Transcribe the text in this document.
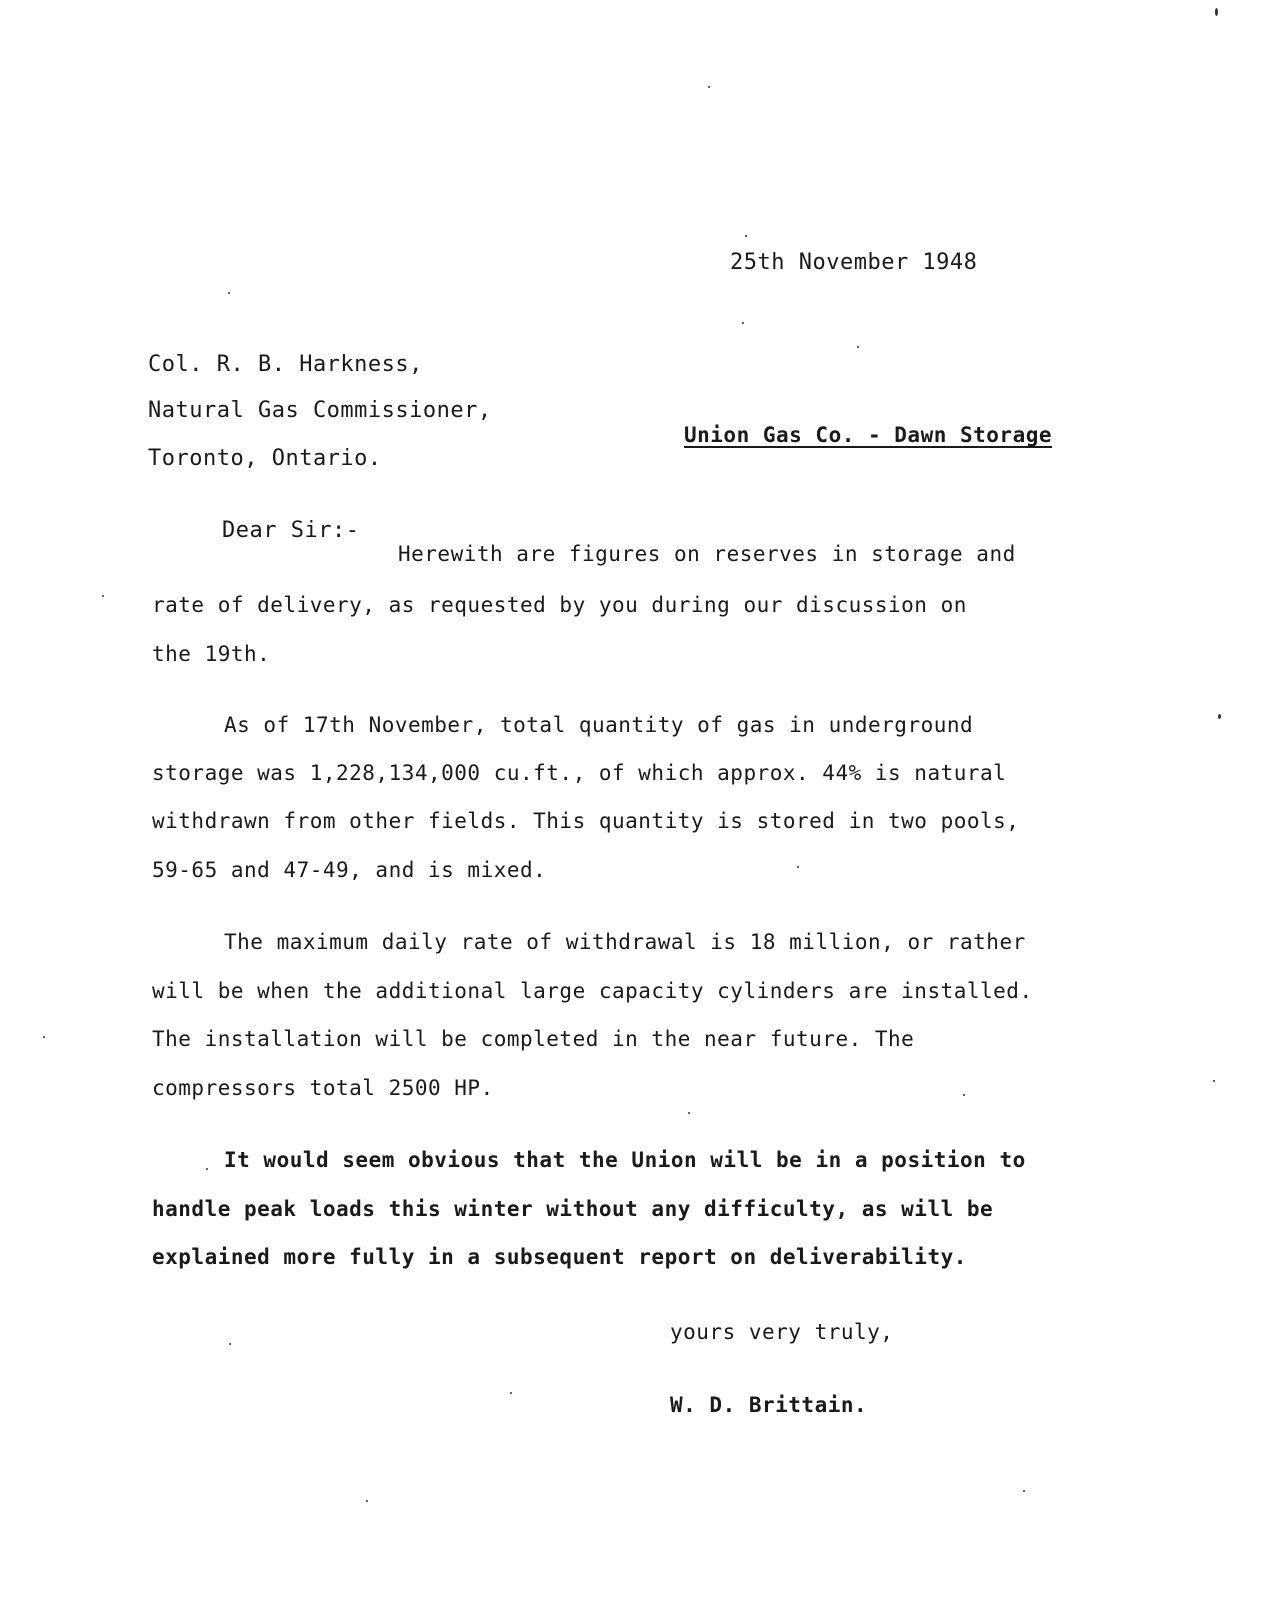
25th November 1948
Col. R. B. Harkness,
Natural Gas Commissioner,
Toronto, Ontario.
Union Gas Co. - Dawn Storage
Dear Sir:-
Herewith are figures on reserves in storage and
rate of delivery, as requested by you during our discussion on
the 19th.
As of 17th November, total quantity of gas in underground
storage was 1,228,134,000 cu.ft., of which approx. 44% is natural
withdrawn from other fields. This quantity is stored in two pools,
59-65 and 47-49, and is mixed.
The maximum daily rate of withdrawal is 18 million, or rather
will be when the additional large capacity cylinders are installed.
The installation will be completed in the near future. The
compressors total 2500 HP.
It would seem obvious that the Union will be in a position to
handle peak loads this winter without any difficulty, as will be
explained more fully in a subsequent report on deliverability.
yours very truly,
W. D. Brittain.
